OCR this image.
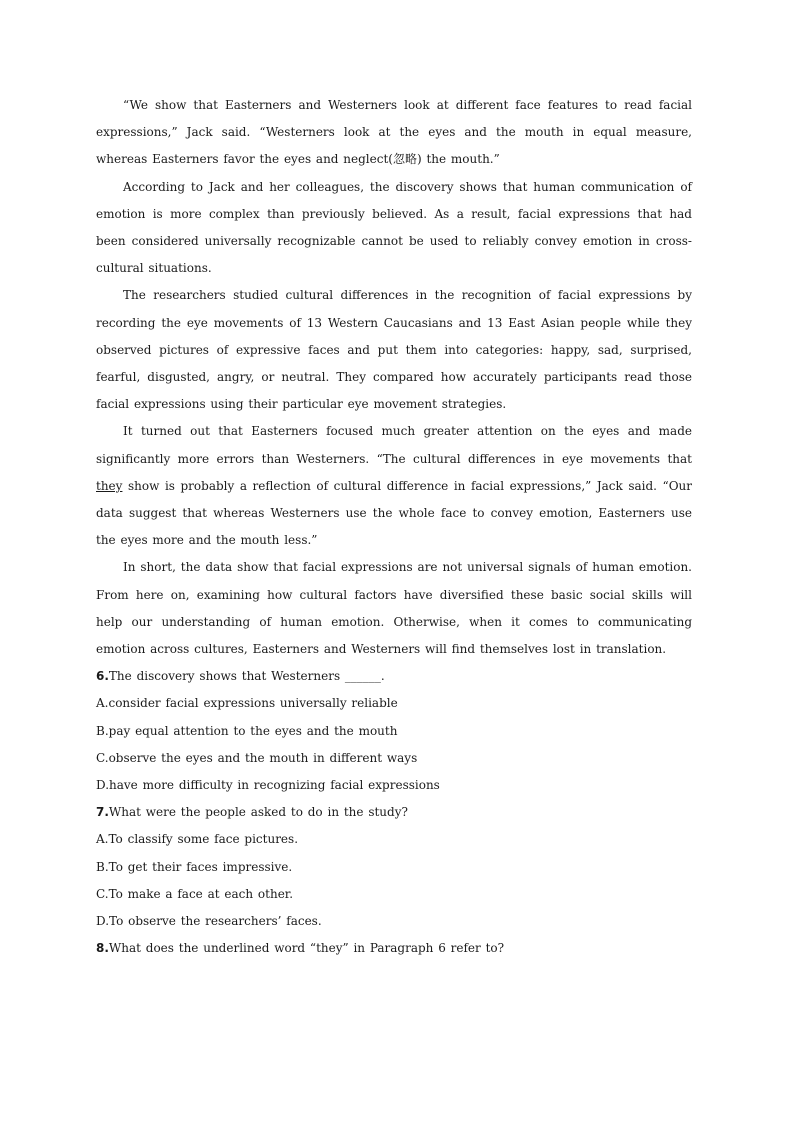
“We show that Easterners and Westerners look at different face features to read facial expressions,” Jack said. “Westerners look at the eyes and the mouth in equal measure, whereas Easterners favor the eyes and neglect(忽略) the mouth.”

According to Jack and her colleagues, the discovery shows that human communication of emotion is more complex than previously believed. As a result, facial expressions that had been considered universally recognizable cannot be used to reliably convey emotion in cross-cultural situations.

The researchers studied cultural differences in the recognition of facial expressions by recording the eye movements of 13 Western Caucasians and 13 East Asian people while they observed pictures of expressive faces and put them into categories: happy, sad, surprised, fearful, disgusted, angry, or neutral. They compared how accurately participants read those facial expressions using their particular eye movement strategies.

It turned out that Easterners focused much greater attention on the eyes and made significantly more errors than Westerners. “The cultural differences in eye movements that they show is probably a reflection of cultural difference in facial expressions,” Jack said. “Our data suggest that whereas Westerners use the whole face to convey emotion, Easterners use the eyes more and the mouth less.”

In short, the data show that facial expressions are not universal signals of human emotion. From here on, examining how cultural factors have diversified these basic social skills will help our understanding of human emotion. Otherwise, when it comes to communicating emotion across cultures, Easterners and Westerners will find themselves lost in translation.

6.The discovery shows that Westerners ______.

A.consider facial expressions universally reliable

B.pay equal attention to the eyes and the mouth

C.observe the eyes and the mouth in different ways

D.have more difficulty in recognizing facial expressions

7.What were the people asked to do in the study?

A.To classify some face pictures.

B.To get their faces impressive.

C.To make a face at each other.

D.To observe the researchers’ faces.

8.What does the underlined word “they” in Paragraph 6 refer to?
